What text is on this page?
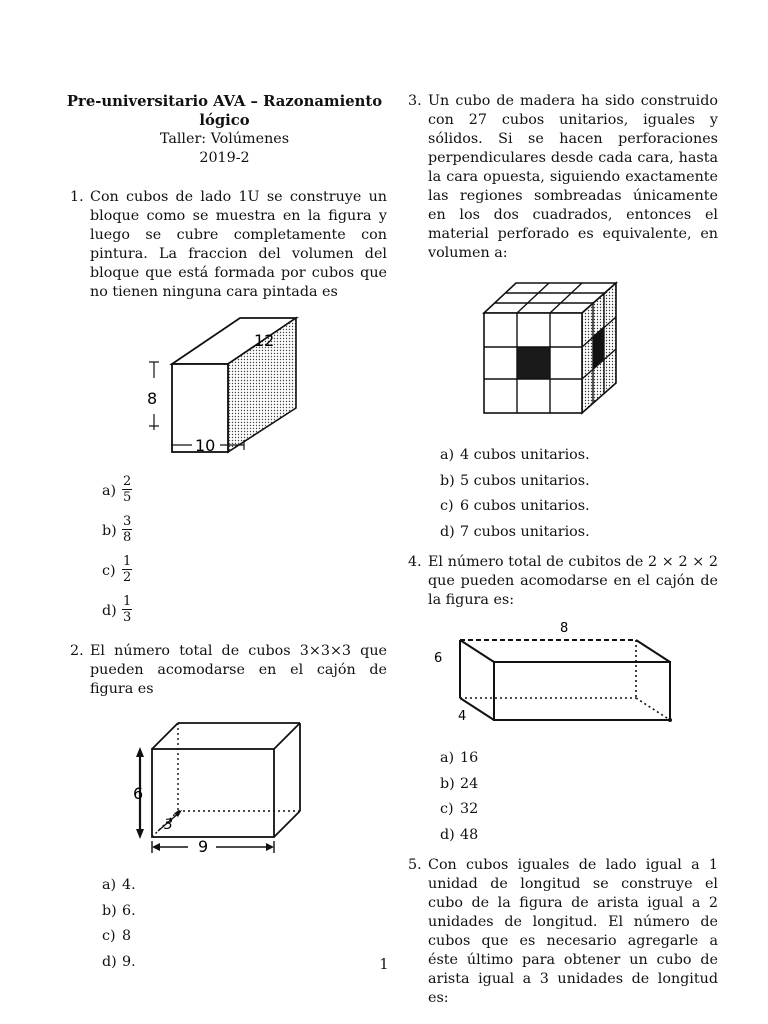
Pre-universitario AVA – Razonamiento lógico
Taller: Volúmenes
2019-2
1. Con cubos de lado 1U se construye un bloque como se muestra en la figura y luego se cubre completamente con pintura. La fraccion del volumen del bloque que está formada por cubos que no tienen ninguna cara pintada es
12
8
10
$a) \frac{2}{5}$
$b) \frac{3}{8}$
$c) \frac{1}{2}$
$d) \frac{1}{3}$
2. El número total de cubos 3×3×3 que pueden acomodarse en el cajón de figura es
6
3
9
a) 4.
b) 6.
c) 8
d) 9.
3. Un cubo de madera ha sido construido con 27 cubos unitarios, iguales y sólidos. Si se hacen perforaciones perpendiculares desde cada cara, hasta la cara opuesta, siguiendo exactamente las regiones sombreadas únicamente en los dos cuadrados, entonces el material perforado es equivalente, en volumen a:
a) 4 cubos unitarios.
b) 5 cubos unitarios.
c) 6 cubos unitarios.
d) 7 cubos unitarios.
4. El número total de cubitos de 2 × 2 × 2 que pueden acomodarse en el cajón de la figura es:
8
6
4
a) 16
b) 24
c) 32
d) 48
5. Con cubos iguales de lado igual a 1 unidad de longitud se construye el cubo de la figura de arista igual a 2 unidades de longitud. El número de cubos que es necesario agregarle a éste último para obtener un cubo de arista igual a 3 unidades de longitud es:
1
